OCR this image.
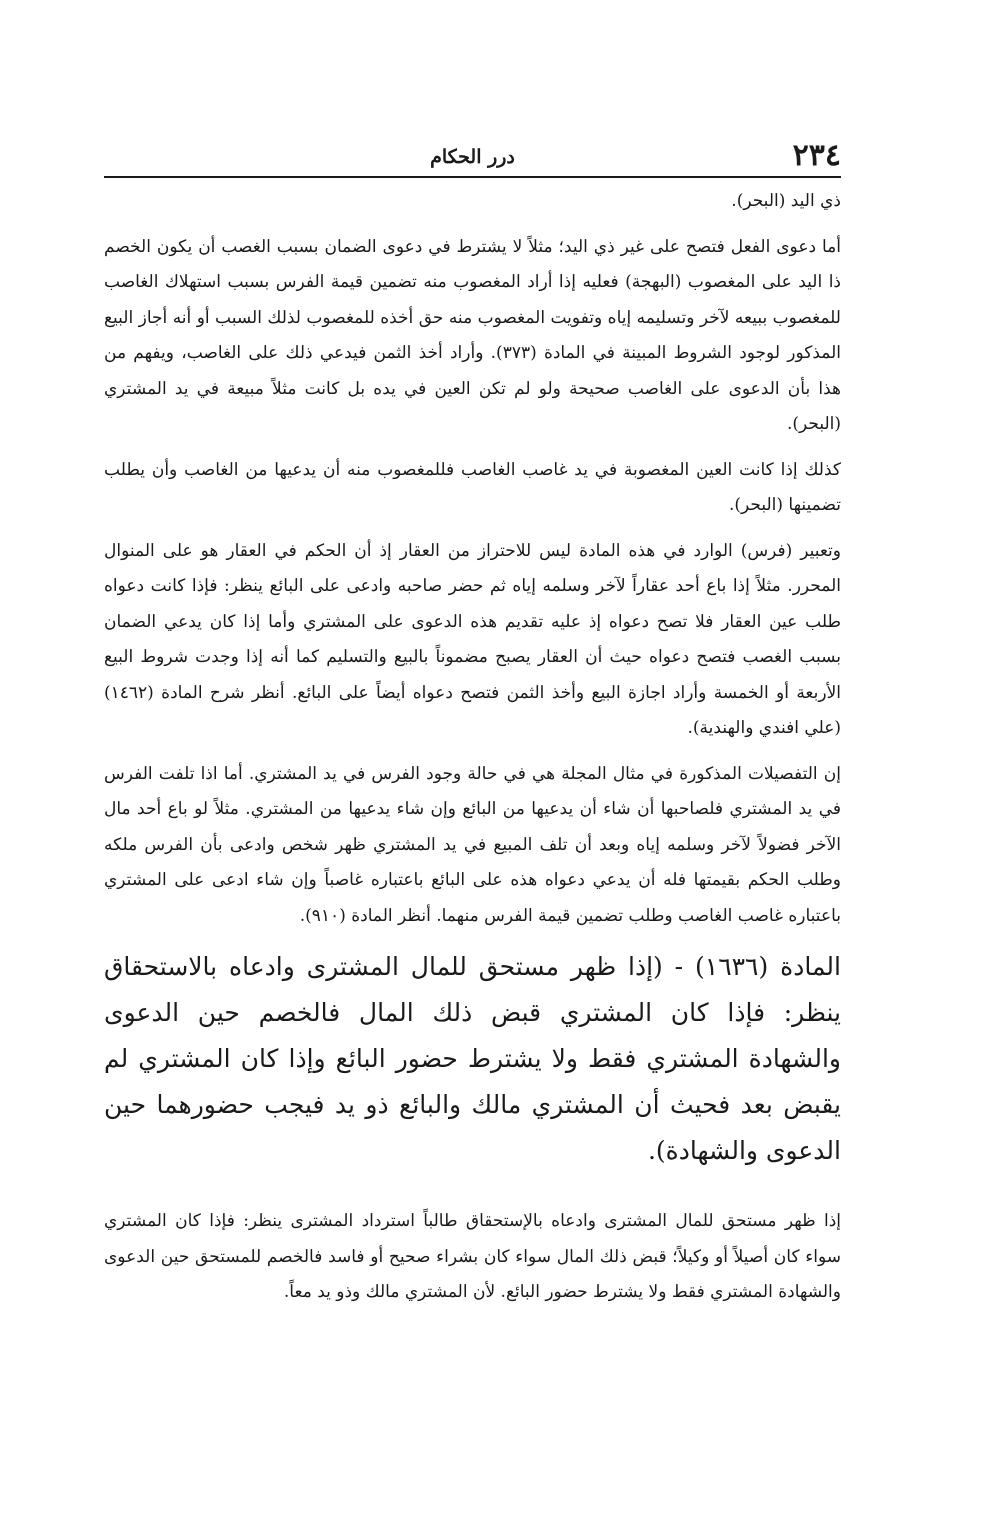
٢٣٤
درر الحكام

ذي اليد (البحر).

أما دعوى الفعل فتصح على غير ذي اليد؛ مثلاً لا يشترط في دعوى الضمان بسبب الغصب أن يكون الخصم ذا اليد على المغصوب (البهجة) فعليه إذا أراد المغصوب منه تضمين قيمة الفرس بسبب استهلاك الغاصب للمغصوب ببيعه لآخر وتسليمه إياه وتفويت المغصوب منه حق أخذه للمغصوب لذلك السبب أو أنه أجاز البيع المذكور لوجود الشروط المبينة في المادة (٣٧٣). وأراد أخذ الثمن فيدعي ذلك على الغاصب، ويفهم من هذا بأن الدعوى على الغاصب صحيحة ولو لم تكن العين في يده بل كانت مثلاً مبيعة في يد المشتري (البحر).

كذلك إذا كانت العين المغصوبة في يد غاصب الغاصب فللمغصوب منه أن يدعيها من الغاصب وأن يطلب تضمينها (البحر).

وتعبير (فرس) الوارد في هذه المادة ليس للاحتراز من العقار إذ أن الحكم في العقار هو على المنوال المحرر. مثلاً إذا باع أحد عقاراً لآخر وسلمه إياه ثم حضر صاحبه وادعى على البائع ينظر: فإذا كانت دعواه طلب عين العقار فلا تصح دعواه إذ عليه تقديم هذه الدعوى على المشتري وأما إذا كان يدعي الضمان بسبب الغصب فتصح دعواه حيث أن العقار يصبح مضموناً بالبيع والتسليم كما أنه إذا وجدت شروط البيع الأربعة أو الخمسة وأراد اجازة البيع وأخذ الثمن فتصح دعواه أيضاً على البائع. أنظر شرح المادة (١٤٦٢) (علي افندي والهندية).

إن التفصيلات المذكورة في مثال المجلة هي في حالة وجود الفرس في يد المشتري. أما اذا تلفت الفرس في يد المشتري فلصاحبها أن شاء أن يدعيها من البائع وإن شاء يدعيها من المشتري. مثلاً لو باع أحد مال الآخر فضولاً لآخر وسلمه إياه وبعد أن تلف المبيع في يد المشتري ظهر شخص وادعى بأن الفرس ملكه وطلب الحكم بقيمتها فله أن يدعي دعواه هذه على البائع باعتباره غاصباً وإن شاء ادعى على المشتري باعتباره غاصب الغاصب وطلب تضمين قيمة الفرس منهما. أنظر المادة (٩١٠).

المادة (١٦٣٦) - (إذا ظهر مستحق للمال المشترى وادعاه بالاستحقاق ينظر: فإذا كان المشتري قبض ذلك المال فالخصم حين الدعوى والشهادة المشتري فقط ولا يشترط حضور البائع وإذا كان المشتري لم يقبض بعد فحيث أن المشتري مالك والبائع ذو يد فيجب حضورهما حين الدعوى والشهادة).

إذا ظهر مستحق للمال المشترى وادعاه بالإستحقاق طالباً استرداد المشترى ينظر: فإذا كان المشتري سواء كان أصيلاً أو وكيلاً؛ قبض ذلك المال سواء كان بشراء صحيح أو فاسد فالخصم للمستحق حين الدعوى والشهادة المشتري فقط ولا يشترط حضور البائع. لأن المشتري مالك وذو يد معاً.
